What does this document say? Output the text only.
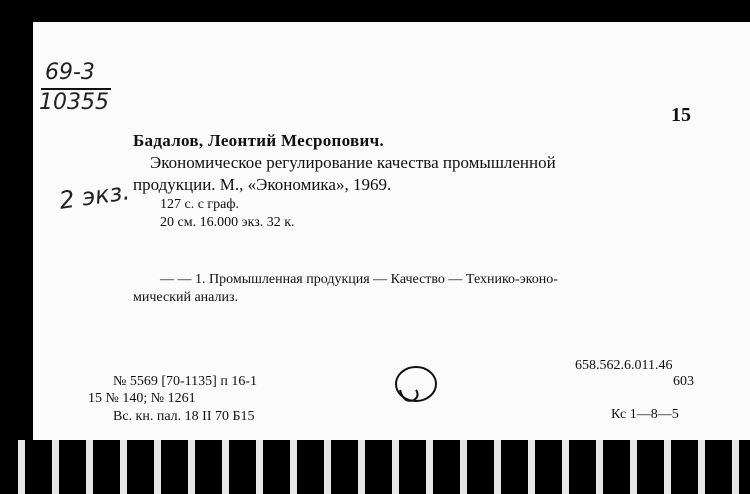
69-3
10355
2 экз.
15
Бадалов, Леонтий Месропович.
Экономическое регулирование качества промышленной
продукции. М., «Экономика», 1969.
127 с. с граф.
20 см. 16.000 экз. 32 к.
— — 1. Промышленная продукция — Качество — Технико-эконо-
мический анализ.
658.562.6.011.46
603
№ 5569 [70-1135] п 16-1
15 № 140; № 1261
Вс. кн. пал. 18 II 70 Б15	Кс 1—8—5
